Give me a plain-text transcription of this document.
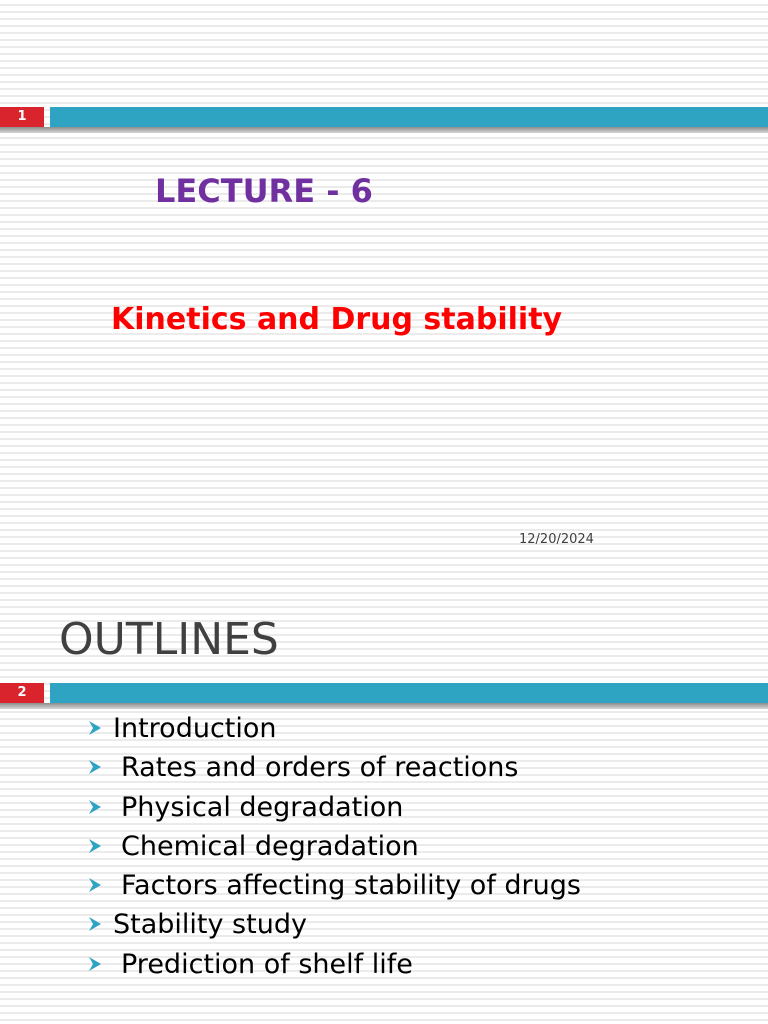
1
LECTURE - 6
Kinetics and Drug stability
12/20/2024
OUTLINES
2
Introduction
Rates and orders of reactions
Physical degradation
Chemical degradation
Factors affecting stability of drugs
Stability study
Prediction of shelf life
